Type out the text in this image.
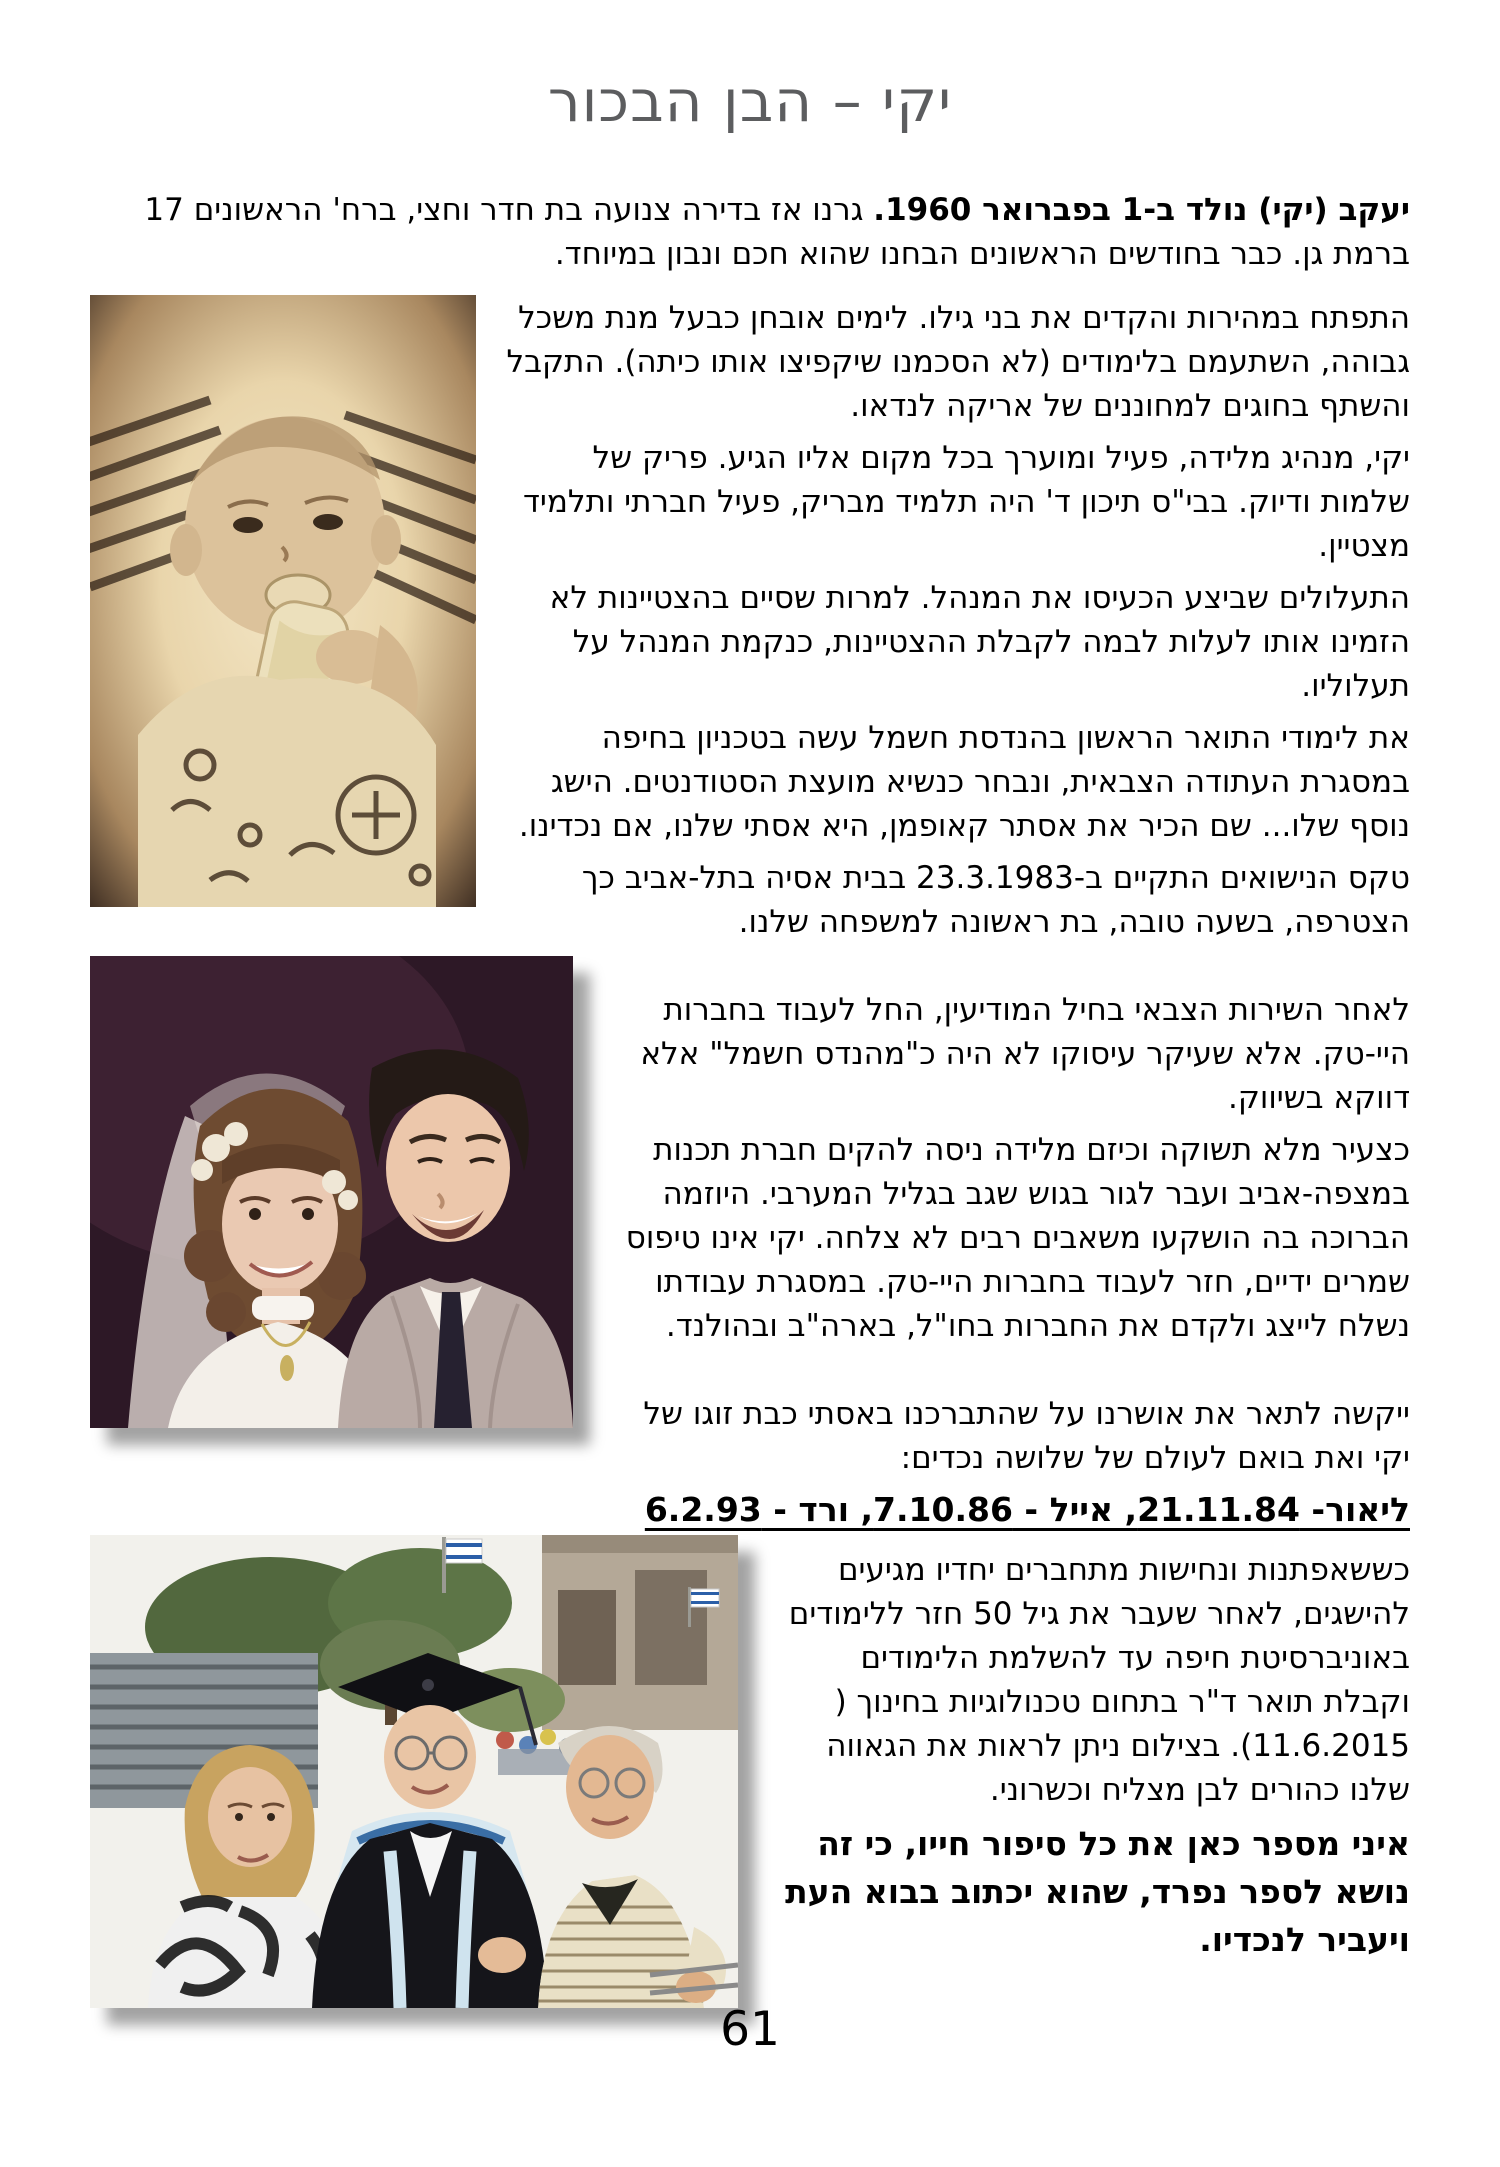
יקי – הבן הבכור

יעקב (יקי) נולד ב-1 בפברואר 1960. גרנו אז בדירה צנועה בת חדר וחצי, ברח' הראשונים 17 ברמת גן. כבר בחודשים הראשונים הבחנו שהוא חכם ונבון במיוחד.

התפתח במהירות והקדים את בני גילו. לימים אובחן כבעל מנת משכל גבוהה, השתעמם בלימודים (לא הסכמנו שיקפיצו אותו כיתה). התקבל והשתף בחוגים למחוננים של אריקה לנדאו.

יקי, מנהיג מלידה, פעיל ומוערך בכל מקום אליו הגיע. פריק של שלמות ודיוק. בבי"ס תיכון ד' היה תלמיד מבריק, פעיל חברתי ותלמיד מצטיין.

התעלולים שביצע הכעיסו את המנהל. למרות שסיים בהצטיינות לא הזמינו אותו לעלות לבמה לקבלת ההצטיינות, כנקמת המנהל על תעלוליו.

את לימודי התואר הראשון בהנדסת חשמל עשה בטכניון בחיפה במסגרת העתודה הצבאית, ונבחר כנשיא מועצת הסטודנטים. הישג נוסף שלו... שם הכיר את אסתר קאופמן, היא אסתי שלנו, אם נכדינו.

טקס הנישואים התקיים ב-23.3.1983 בבית אסיה בתל-אביב כך הצטרפה, בשעה טובה, בת ראשונה למשפחה שלנו.

לאחר השירות הצבאי בחיל המודיעין, החל לעבוד בחברות היי-טק. אלא שעיקר עיסוקו לא היה כ"מהנדס חשמל" אלא דווקא בשיווק.

כצעיר מלא תשוקה וכיזם מלידה ניסה להקים חברת תכנות במצפה-אביב ועבר לגור בגוש שגב בגליל המערבי. היוזמה הברוכה בה הושקעו משאבים רבים לא צלחה. יקי אינו טיפוס שמרים ידיים, חזר לעבוד בחברות היי-טק. במסגרת עבודתו נשלח לייצג ולקדם את החברות בחו"ל, בארה"ב ובהולנד.

ייקשה לתאר את אושרנו על שהתברכנו באסתי כבת זוגו של יקי ואת בואם לעולם של שלושה נכדים:

ליאור- 21.11.84, אייל - 7.10.86, ורד - 6.2.93

כששאפתנות ונחישות מתחברים יחדיו מגיעים להישגים, לאחר שעבר את גיל 50 חזר ללימודים באוניברסיטת חיפה עד להשלמת הלימודים וקבלת תואר ד"ר בתחום טכנולוגיות בחינוך ( 11.6.2015). בצילום ניתן לראות את הגאווה שלנו כהורים לבן מצליח וכשרוני.

איני מספר כאן את כל סיפור חייו, כי זה נושא לספר נפרד, שהוא יכתוב בבוא העת ויעביר לנכדיו.

61
